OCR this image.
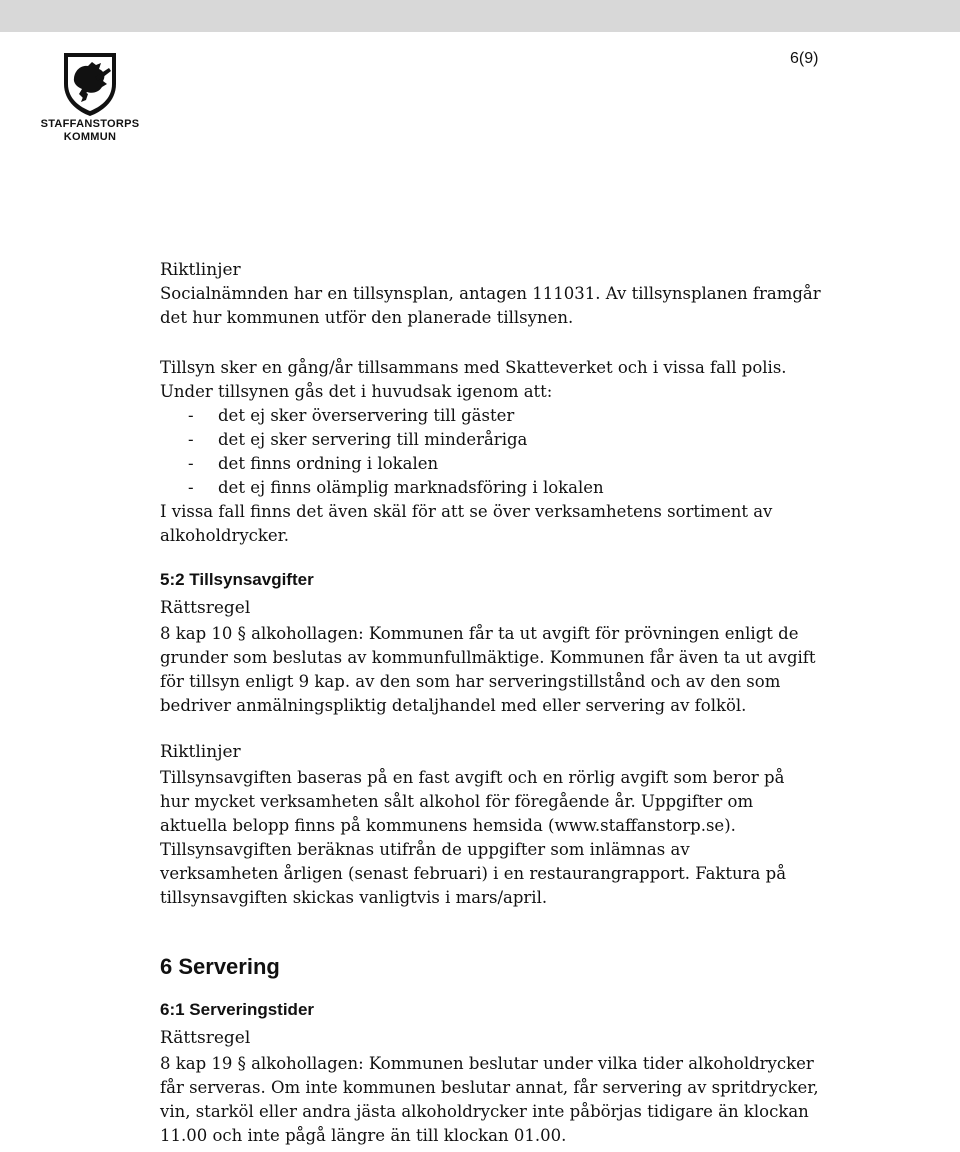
STAFFANSTORPS
KOMMUN
6(9)
Riktlinjer
Socialnämnden har en tillsynsplan, antagen 111031. Av tillsynsplanen framgår
det hur kommunen utför den planerade tillsynen.
Tillsyn sker en gång/år tillsammans med Skatteverket och i vissa fall polis.
Under tillsynen gås det i huvudsak igenom att:
- det ej sker överservering till gäster
- det ej sker servering till minderåriga
- det finns ordning i lokalen
- det ej finns olämplig marknadsföring i lokalen
I vissa fall finns det även skäl för att se över verksamhetens sortiment av
alkoholdrycker.
5:2 Tillsynsavgifter
Rättsregel
8 kap 10 § alkohollagen: Kommunen får ta ut avgift för prövningen enligt de
grunder som beslutas av kommunfullmäktige. Kommunen får även ta ut avgift
för tillsyn enligt 9 kap. av den som har serveringstillstånd och av den som
bedriver anmälningspliktig detaljhandel med eller servering av folköl.
Riktlinjer
Tillsynsavgiften baseras på en fast avgift och en rörlig avgift som beror på
hur mycket verksamheten sålt alkohol för föregående år. Uppgifter om
aktuella belopp finns på kommunens hemsida (www.staffanstorp.se).
Tillsynsavgiften beräknas utifrån de uppgifter som inlämnas av
verksamheten årligen (senast februari) i en restaurangrapport. Faktura på
tillsynsavgiften skickas vanligtvis i mars/april.
6 Servering
6:1 Serveringstider
Rättsregel
8 kap 19 § alkohollagen: Kommunen beslutar under vilka tider alkoholdrycker
får serveras. Om inte kommunen beslutar annat, får servering av spritdrycker,
vin, starköl eller andra jästa alkoholdrycker inte påbörjas tidigare än klockan
11.00 och inte pågå längre än till klockan 01.00.
